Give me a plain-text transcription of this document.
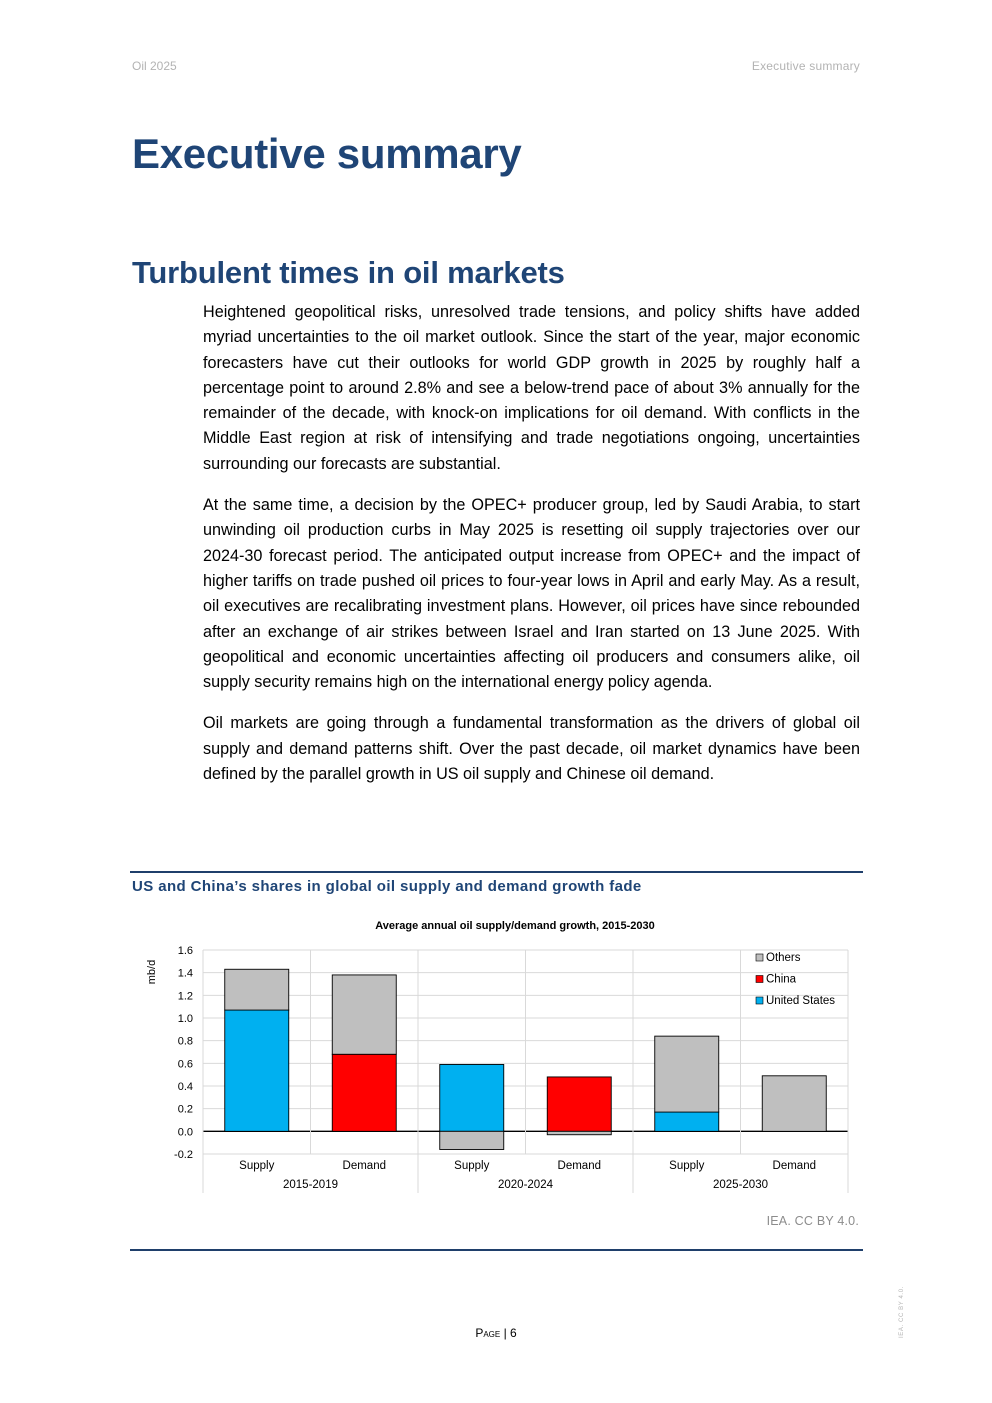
Oil 2025	Executive summary
Executive summary
Turbulent times in oil markets

Heightened geopolitical risks, unresolved trade tensions, and policy shifts have added myriad uncertainties to the oil market outlook. Since the start of the year, major economic forecasters have cut their outlooks for world GDP growth in 2025 by roughly half a percentage point to around 2.8% and see a below-trend pace of about 3% annually for the remainder of the decade, with knock-on implications for oil demand. With conflicts in the Middle East region at risk of intensifying and trade negotiations ongoing, uncertainties surrounding our forecasts are substantial.

At the same time, a decision by the OPEC+ producer group, led by Saudi Arabia, to start unwinding oil production curbs in May 2025 is resetting oil supply trajectories over our 2024-30 forecast period. The anticipated output increase from OPEC+ and the impact of higher tariffs on trade pushed oil prices to four-year lows in April and early May. As a result, oil executives are recalibrating investment plans. However, oil prices have since rebounded after an exchange of air strikes between Israel and Iran started on 13 June 2025. With geopolitical and economic uncertainties affecting oil producers and consumers alike, oil supply security remains high on the international energy policy agenda.

Oil markets are going through a fundamental transformation as the drivers of global oil supply and demand patterns shift. Over the past decade, oil market dynamics have been defined by the parallel growth in US oil supply and Chinese oil demand.

US and China’s shares in global oil supply and demand growth fade
Average annual oil supply/demand growth, 2015-2030
-0.2
0.0
0.2
0.4
0.6
0.8
1.0
1.2
1.4
1.6
mb/d
Supply	Demand	Supply	Demand	Supply	Demand
2015-2019	2020-2024	2025-2030
Others
China
United States
IEA. CC BY 4.0.
Page | 6	IEA. CC BY 4.0.
